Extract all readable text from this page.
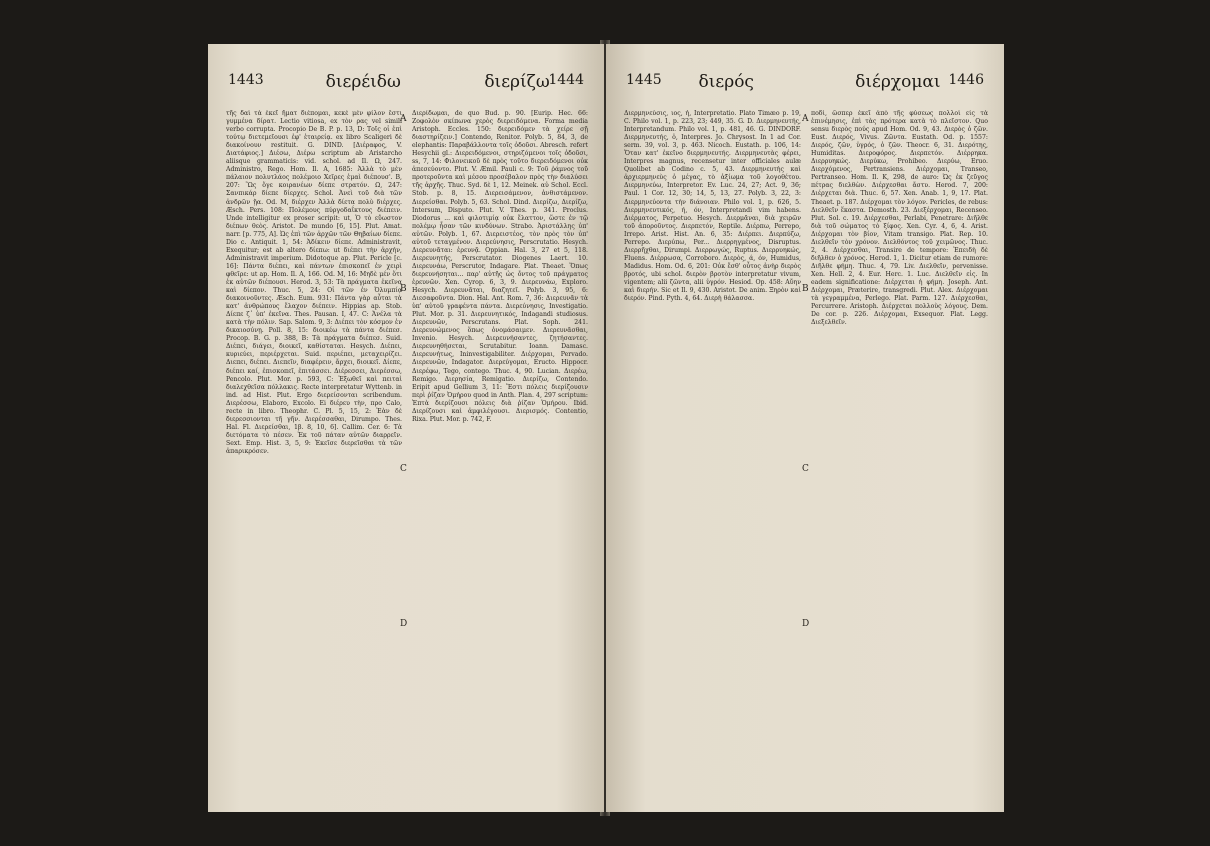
1443	διερέιδω	διερίζω
1444
A
B
C
D

τῆς δαὶ τὰ ἑκεῖ ἤματ διέπομαι, κεκὲ μὲν φίλον ἔστι γυμμένα δίρατ. Lectio vitiosa, ex τὸν ρας vel simili verbo corrupta. Procopio De B. P. p. 13, D: Τοῖς οἱ ἐπὶ τούτῳ διετεμεῖουσι ἐφ' ἑταιρείᾳ. ex libro Scaligeri δὲ διακοίνουν restituit. G. DIND. [Διέραφος, V. Διατάφιος.] Διέσω, Διέρω scriptum ab Aristarcho aliisque grammaticis: vid. schol. ad Il. Ω, 247. Administro, Rego. Hom. Il. Α, 1685: Ἀλλὰ τὸ μὲν πάλαιον πολυτλάος πολέμοιο Χεῖρες ἐμαὶ διέπουσ'. B, 207: Ὣς ὅγε κοιρανέων δίεπε στρατόν. Ω, 247: Σανπικάρ δίεπε δίερχες. Schol. Ἀνεὶ τοῦ διὰ τῶν ἀνδρῶν ᾔα. Od. Μ, διέρχεν Ἀλλὰ δίετα πολὺ διέρχες. Æsch. Pers. 108: Πολέμους πύργοδαΐκτους διέπειν. Unde intelligitur ex proser scripit: ut, Ὁ τὸ εὔωστον διέπων θεὸς. Aristot. De mundo [6, 15]. Plut. Amat. narr. [p. 775, A]. Ὡς ἐπὶ τῶν ἀρχῶν τῶν Θηβαίων δίεπε. Dio c. Antiquit. 1, 54: Ἀδίκειν δίεπε. Administravit, Exequitur; est ab altero δίεπω: ut διέπει τὴν ἀρχήν, Administravit imperium. Didotoque ap. Plut. Pericle [c. 16]: Πάντα διέπει, καὶ πάντων ἐπισκοπεῖ ἐν χειρὶ φθεῖρε: ut ap. Hom. Il. Α, 166. Od. Μ, 16: Μηδὲ μέν ὅτι ἐκ αὐτῶν διέπουσι. Herod. 3, 53: Τὰ πράγματα ἐκεῖνα καὶ δίεπον. Thuc. 5, 24: Οἱ τῶν ἐν Ὀλυμπίᾳ διακοινοῦντες. Æsch. Eum. 931: Πάντα γὰρ αὗται τὰ κατ' ἀνθρώπους ἔλαχον διέπειν. Hippias ap. Stob. Δίεπε ζ᾽ ὑπ' ἐκεῖνα. Thes. Pausan. I, 47. C: Ἀνέλα τὰ κατὰ τὴν πόλιν. Sap. Salom. 9, 3: Διέπει τὸν κόσμον ἐν δικαιοσύνῃ. Poll. 8, 15: διοικέω τὰ πάντα διέπεσ. Procop. B. G. p. 388, B: Τὰ πράγματα διέπεσ. Suid. Διέπει, διάγει, διοικεῖ, καθίσταται. Hesych. Διέπει, κυριεύει, περιέρχεται. Suid. περιέπει, μεταχειρίζει. Διεπει, διέπει. Διεπεῖν, διαφέρειν, ἄρχει, διοικεῖ. Δίεπε, διέπει καί, ἐπισκοπεῖ, ἐπιτάσσει. Διέρεσσει, Διερέσσω, Pencolo. Plut. Mor. p. 593, C: Ἐξωθεῖ καὶ πειταὶ διαλεχθεῖσα πόλλακις. Recte interpretatur Wyttenb. in ind. ad Hist. Plut. Ergo διερείσονται scribendum. Διερέσσω, Elaboro, Excolo. Ei διέρευ τὴν, προ Calo, recte in libro. Theophr. C. Pl. 5, 15, 2: Ἐὰν δὲ διερεσσιονται τῆ γῆν. Διερέσσαθαι, Dirumpo. Thes. Hal. Fl. Διερείσθαι, 1β. 8, 10, 6]. Callim. Cer. 6: Τὰ διετόματα τὸ πέσεν. Ἐκ τοῦ πάταν αὐτῶν διαρρεῖν. Sext. Emp. Hist. 3, 5, 9: Ἐκεῖσε διερεῖσθαι τὰ τῶν ἀπαρικρόσεν.

Διερίδωμαι, de quo Bud. p. 90. [Eurip. Hec. 66: Ζοφολὸν σκίπωνα χερὸς διερειδόμενα. Forma media Aristoph. Eccles. 150: διερειδόμεν τὰ χείρε σῇ διαστηρίζειν.] Contendo, Renitor. Polyb. 5, 84, 3, de elephantis: Παραβάλλοντα τοῖς ὀδοῦσι. Abresch. refert Hesychii gl.: Διερειδόμενοι, στηριζόμενοι τοῖς ὀδοῦσι, ss, 7, 14: Φιλονεικοῦ δὲ πρὸς τοῦτο διερειδόμενοι οὐκ ἀπεσεύοντο. Plut. V. Æmil. Pauli c. 9: Τοῦ ῥάμνος τοῦ προτεροῦντα καὶ μέσου προσέβαλον πρὸς τὴν διαλύσει τῆς ἀρχῆς. Thuc. Syd. δὲ 1, 12. Meinek. αὐ Schol. Eccl. Stob. p. 8, 15. Διερεισάμενον, ἀνθιστάμενον. Διερείσθαι. Polyb. 5, 63. Schol. Dind. Διερίζω, Διερίζω, Intersum, Disputo. Plut. V. Thes. p. 341. Proclus. Diodorus ... καὶ φιλοτιμίᾳ οὐκ ἔλαττον, ὥστε ἐν τῷ πολέμῳ ἦσαν τῶν κινδύνων. Strabo. Ἀριστάλλης ὑπ' αὐτῶν. Polyb. 1, 67. Διερειστέος, τὸν πρὸς τὸν ὑπ' αὐτοῦ τεταγμένον. Διερεύνησις, Perscrutatio. Hesych. Διερευνᾶται: ἐρευνᾷ. Oppian. Hal. 3, 27 et 5, 118. Διερευνητής, Perscrutator. Diogenes Laert. 10. Διερευνάω, Perscrutor, Indagare. Plat. Theaet. Ὅπως διερευνήσηται... παρ' αὐτῆς ὡς ὄντος τοῦ πράγματος ἐρευνῶν. Xen. Cyrop. 6, 3, 9. Διερευνάω, Exploro. Hesych. Διερευνᾶται, διαζητεῖ. Polyb. 3, 95, 6: Διεσαφοῦντα. Dion. Hal. Ant. Rom. 7, 36: Διερευνᾶν τὰ ὑπ' αὐτοῦ γραφέντα πάντα. Διερεύνησις, Investigatio. Plut. Mor. p. 31. Διερευνητικός, Indagandi studiosus. Διερευνῶν, Perscrutans. Plat. Soph. 241. Διερευνώμενος ὅπως ὀνομάσαιμεν. Διερευνᾶσθαι, Invenio. Hesych. Διερευνήσαντες, ζητήσαντες. Διερευνηθήσεται, Scrutabitur. Ioann. Damasc. Διερευνήτως, Ininvestigabiliter. Διέρχομαι, Pervado. Διερευνῶν, Indagator. Διερεύγομαι, Eructo. Hippocr. Διερέφω, Tego, contego. Thuc. 4, 90. Lucian. Διερέω, Remigo. Διερησία, Remigatio. Διερίζω, Contendo. Eripit apud Gellium 3, 11: Ἔστι πόλεις διερίζουσιν περὶ ῥίζαν Ὁμήρου quod in Anth. Plan. 4, 297 scriptum: Ἑπτὰ διερίζουσι πόλεις διὰ ῥίζαν Ὁμήρου. Ibid. Διερίζουσι καὶ ἀμφιλέγουσι. Διερισμός. Contentio, Rixa. Plut. Mor. p. 742, F.

1445 διερός	διέρχομαι 1446
A
B
C
D

Διερμηνεύσις, ιος, ἡ, Interpretatio. Plato Timæo p. 19, C. Philo vol. 1, p. 223, 23; 449, 35. G. D. Διερμηνευτής, Interpretandum. Philo vol. 1, p. 481, 46. G. DINDORF. Διερμηνευτής, ὁ, Interpres. Jo. Chrysost. In 1 ad Cor. serm. 39, vol. 3, p. 463. Nicoch. Eustath. p. 106, 14: Ὅταν κατ' ἐκεῖνο διερμηνευτής. Διερμηνευτὰς φέρει, Interpres magnus, recensetur inter officiales aulæ Quolibet ab Codino c. 5, 43. Διερμηνευτὴς καὶ ἀρχιερμηνεὺς ὁ μέγας, τὸ ἀξίωμα τοῦ λογοθέτου. Διερμηνεύω, Interpretor. Ev. Luc. 24, 27; Act. 9, 36; Paul. 1 Cor. 12, 30; 14, 5, 13, 27. Polyb. 3, 22, 3: Διερμηνεύοντα τὴν διάνοιαν. Philo vol. 1, p. 626, 5. Διερμηνευτικός, ή, όν, Interpretandi vim habens. Διέρματος, Perpetuo. Hesych. Διερμᾶναι, διὰ χειρῶν τοῦ ἀποροῦντος. Διερπετόν, Reptile. Διέρπω, Perrepo, Irrepo. Arist. Hist. An. 6, 35: Διέρπει. Διερπύζω, Perrepo. Διερύπω, Per... Διερρηγμένος, Disruptus. Διερρῆχθαι, Dirumpi. Διερρωγώς, Ruptus. Διερρυηκώς, Fluens. Διέρρωσα, Corroboro. Διερὸς, ά, όν, Humidus, Madidus. Hom. Od. 6, 201: Οὐκ ἔσθ' οὗτος ἀνὴρ διερὸς βροτός, ubi schol. διερὸν βροτὸν interpretatur vivum, vigentem; alii ζῶντα, alii ὑγρόν. Hesiod. Op. 458: Αὔην καὶ διερήν. Sic et Il. 9, 430. Aristot. De anim. Ξηρὸν καὶ διερόν. Pind. Pyth. 4, 64. Διερὴ θάλασσα.

ποδὶ, ὥσπερ ἐκεῖ ἀπὸ τῆς φύσεως πολλοὶ εἰς τὰ ἐπινέμησις, ἐπὶ τὰς πρότερα κατὰ τὸ πλεῖστον. Quo sensu διερὸς πούς apud Hom. Od. 9, 43. Διερὸς ὁ ζῶν. Eust. Διερός, Vivus. Ζῶντα. Eustath. Od. p. 1557: Διερός, ζῶν, ὑγρός, ὁ ζῶν. Theocr. 6, 31. Διερότης, Humiditas. Διεροφόρος. Διερπετόν. Διέρρηκα. Διερρυηκώς. Διερύκω, Prohibeo. Διερύω, Eruo. Διερχόμενος, Pertransiens. Διέρχομαι, Transeo, Pertranseo. Hom. Il. Κ, 298, de auro: Ὡς ἐκ ζεῦγος πέτρας διελθὼν. Διέρχεσθαι ἄστυ. Herod. 7, 200: Διέρχεται διὰ. Thuc. 6, 57. Xen. Anab. 1, 9, 17. Plat. Theaet. p. 187. Διέρχομαι τὸν λόγον. Pericles, de rebus: Διελθεῖν ἕκαστα. Demosth. 23. Διεξέρχομαι, Recenseo. Plut. Sol. c. 19. Διέρχεσθαι, Perlabi, Penetrare: Διῆλθε διὰ τοῦ σώματος τὸ ξίφος. Xen. Cyr. 4, 6, 4. Arist. Διέρχομαι τὸν βίον, Vitam transigo. Plat. Rep. 10. Διελθεῖν τὸν χρόνον. Διελθόντος τοῦ χειμῶνος. Thuc. 2, 4. Διέρχεσθαι, Transire de tempore: Ἐπειδὴ δὲ διῆλθεν ὁ χρόνος. Herod. 1, 1. Dicitur etiam de rumore: Διῆλθε φήμη. Thuc. 4, 79. Liv. Διελθεῖν, pervenisse. Xen. Hell. 2, 4. Eur. Herc. 1. Luc. Διελθεῖν εἰς. In eadem significatione: Διέρχεται ἡ φήμη. Joseph. Ant. Διέρχομαι, Præterire, transgredi. Plut. Alex. Διέρχομαι τὰ γεγραμμένα, Perlego. Plat. Parm. 127. Διέρχεσθαι, Percurrere. Aristoph. Διέρχεται πολλοὺς λόγους. Dem. De cor. p. 226. Διέρχομαι, Exsequor. Plat. Legg. Διεξελθεῖν.
